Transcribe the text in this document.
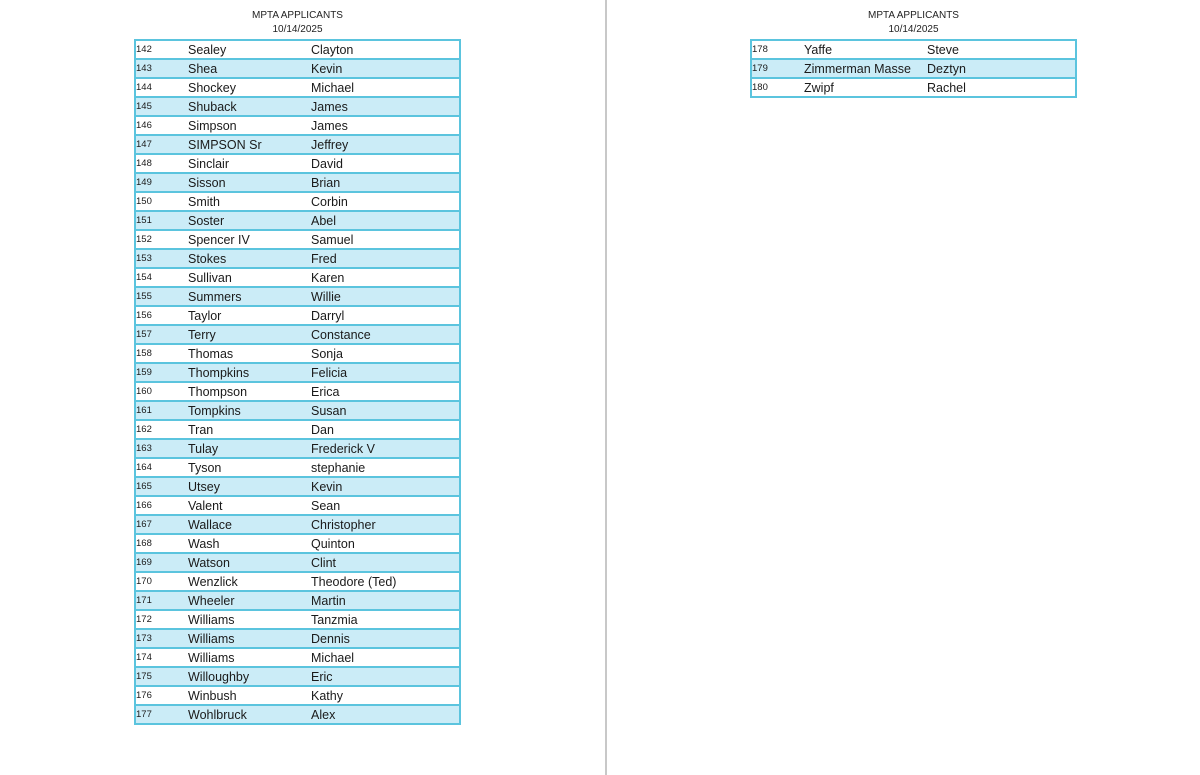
MPTA APPLICANTS
10/14/2025
142	Sealey	Clayton
143	Shea	Kevin
144	Shockey	Michael
145	Shuback	James
146	Simpson	James
147	SIMPSON Sr	Jeffrey
148	Sinclair	David
149	Sisson	Brian
150	Smith	Corbin
151	Soster	Abel
152	Spencer IV	Samuel
153	Stokes	Fred
154	Sullivan	Karen
155	Summers	Willie
156	Taylor	Darryl
157	Terry	Constance
158	Thomas	Sonja
159	Thompkins	Felicia
160	Thompson	Erica
161	Tompkins	Susan
162	Tran	Dan
163	Tulay	Frederick V
164	Tyson	stephanie
165	Utsey	Kevin
166	Valent	Sean
167	Wallace	Christopher
168	Wash	Quinton
169	Watson	Clint
170	Wenzlick	Theodore (Ted)
171	Wheeler	Martin
172	Williams	Tanzmia
173	Williams	Dennis
174	Williams	Michael
175	Willoughby	Eric
176	Winbush	Kathy
177	Wohlbruck	Alex
MPTA APPLICANTS
10/14/2025
178	Yaffe	Steve
179	Zimmerman Masse	Deztyn
180	Zwipf	Rachel
